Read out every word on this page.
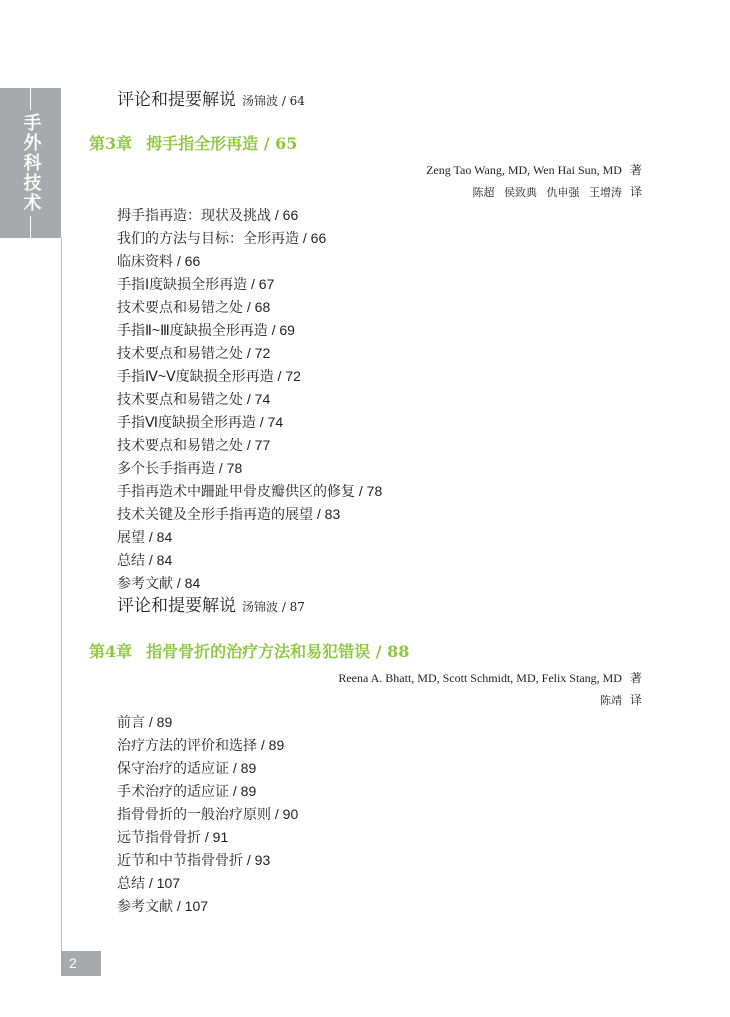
手外科技术
评论和提要解说 汤锦波 / 64
第3章 拇手指全形再造 / 65
Zeng Tao Wang, MD, Wen Hai Sun, MD 著
陈超 侯致典 仇申强 王增涛 译
拇手指再造：现状及挑战 / 66
我们的方法与目标：全形再造 / 66
临床资料 / 66
手指Ⅰ度缺损全形再造 / 67
技术要点和易错之处 / 68
手指Ⅱ~Ⅲ度缺损全形再造 / 69
技术要点和易错之处 / 72
手指Ⅳ~Ⅴ度缺损全形再造 / 72
技术要点和易错之处 / 74
手指Ⅵ度缺损全形再造 / 74
技术要点和易错之处 / 77
多个长手指再造 / 78
手指再造术中跚趾甲骨皮瓣供区的修复 / 78
技术关键及全形手指再造的展望 / 83
展望 / 84
总结 / 84
参考文献 / 84
评论和提要解说 汤锦波 / 87
第4章 指骨骨折的治疗方法和易犯错误 / 88
Reena A. Bhatt, MD, Scott Schmidt, MD, Felix Stang, MD 著
陈靖 译
前言 / 89
治疗方法的评价和选择 / 89
保守治疗的适应证 / 89
手术治疗的适应证 / 89
指骨骨折的一般治疗原则 / 90
远节指骨骨折 / 91
近节和中节指骨骨折 / 93
总结 / 107
参考文献 / 107
2
